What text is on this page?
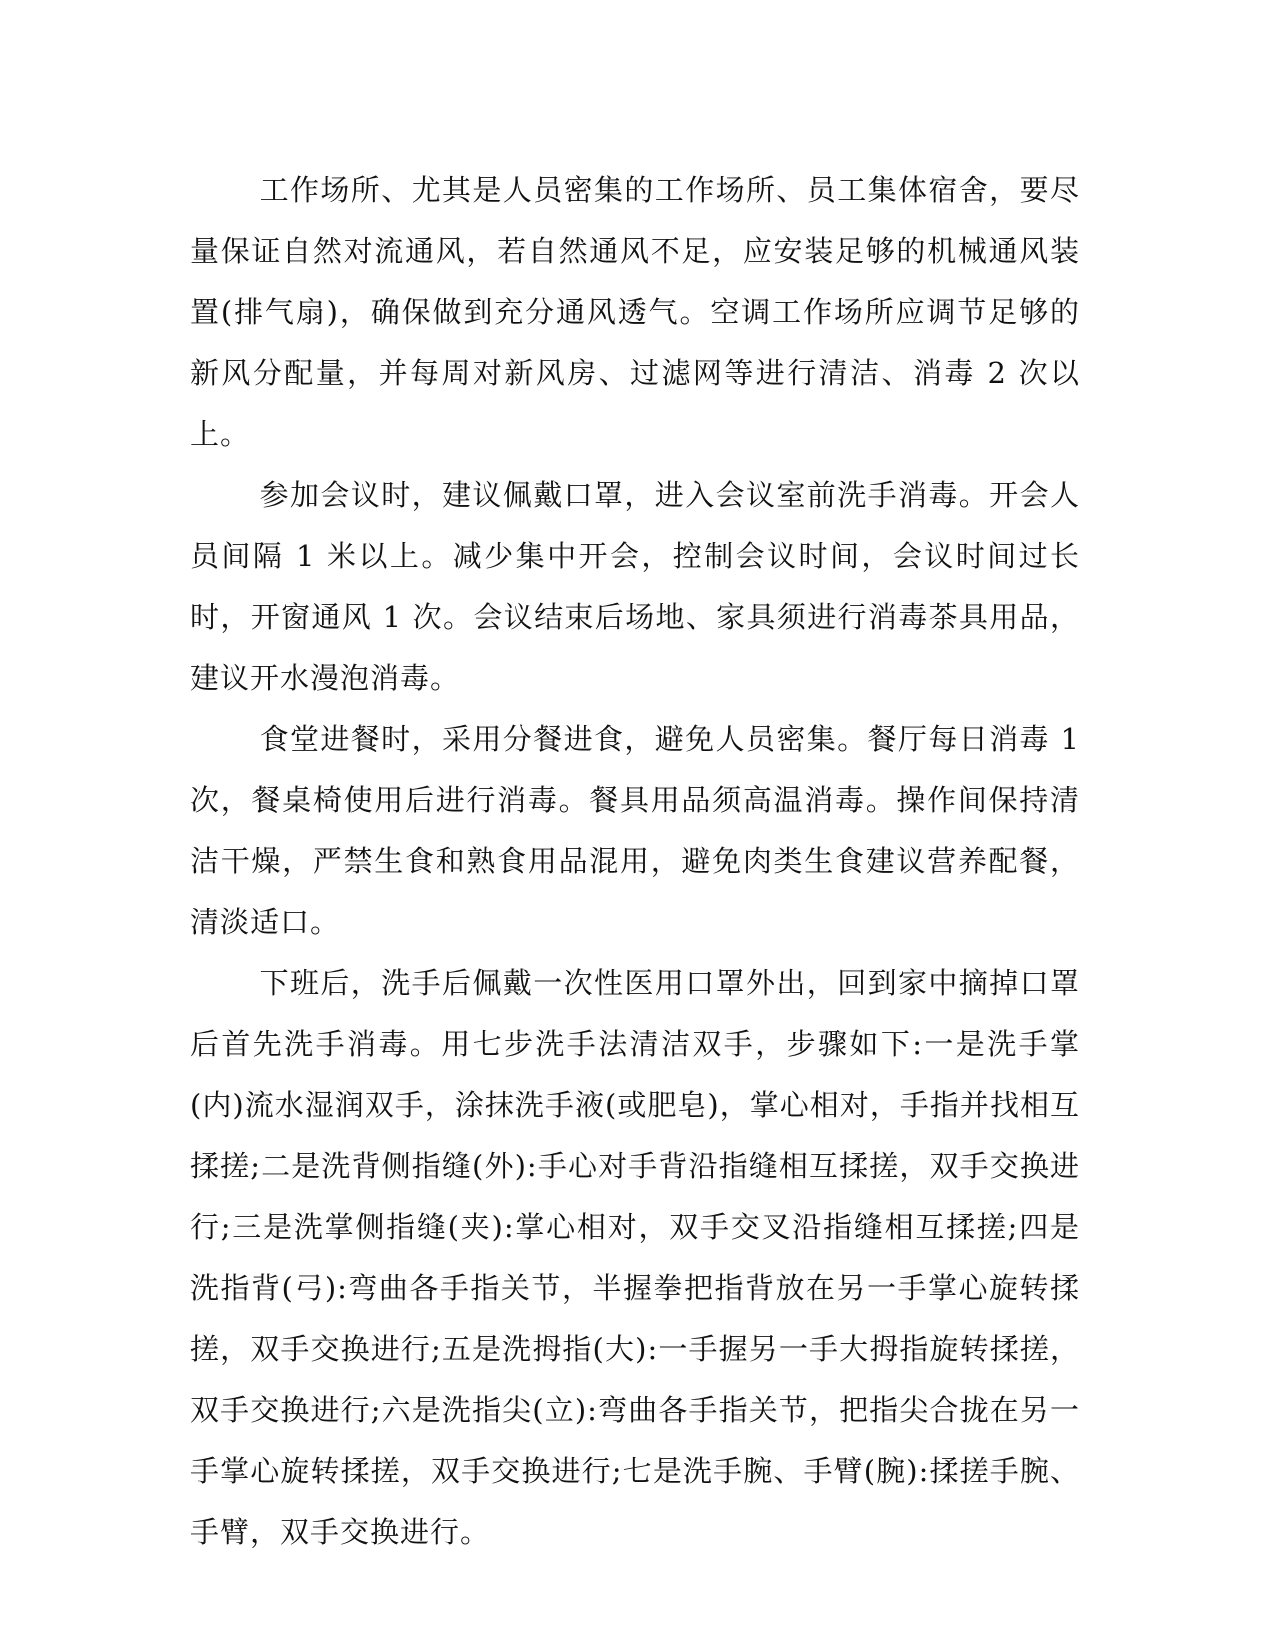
工作场所、尤其是人员密集的工作场所、员工集体宿舍，要尽量保证自然对流通风，若自然通风不足，应安装足够的机械通风装置(排气扇)，确保做到充分通风透气。空调工作场所应调节足够的新风分配量，并每周对新风房、过滤网等进行清洁、消毒 2 次以上。

参加会议时，建议佩戴口罩，进入会议室前洗手消毒。开会人员间隔 1 米以上。减少集中开会，控制会议时间，会议时间过长时，开窗通风 1 次。会议结束后场地、家具须进行消毒茶具用品，建议开水漫泡消毒。

食堂进餐时，采用分餐进食，避免人员密集。餐厅每日消毒 1 次，餐桌椅使用后进行消毒。餐具用品须高温消毒。操作间保持清洁干燥，严禁生食和熟食用品混用，避免肉类生食建议营养配餐，清淡适口。

下班后，洗手后佩戴一次性医用口罩外出，回到家中摘掉口罩后首先洗手消毒。用七步洗手法清洁双手，步骤如下:一是洗手掌(内)流水湿润双手，涂抹洗手液(或肥皂)，掌心相对，手指并找相互揉搓;二是洗背侧指缝(外):手心对手背沿指缝相互揉搓，双手交换进行;三是洗掌侧指缝(夹):掌心相对，双手交叉沿指缝相互揉搓;四是洗指背(弓):弯曲各手指关节，半握拳把指背放在另一手掌心旋转揉搓，双手交换进行;五是洗拇指(大):一手握另一手大拇指旋转揉搓，双手交换进行;六是洗指尖(立):弯曲各手指关节，把指尖合拢在另一手掌心旋转揉搓，双手交换进行;七是洗手腕、手臂(腕):揉搓手腕、手臂，双手交换进行。
